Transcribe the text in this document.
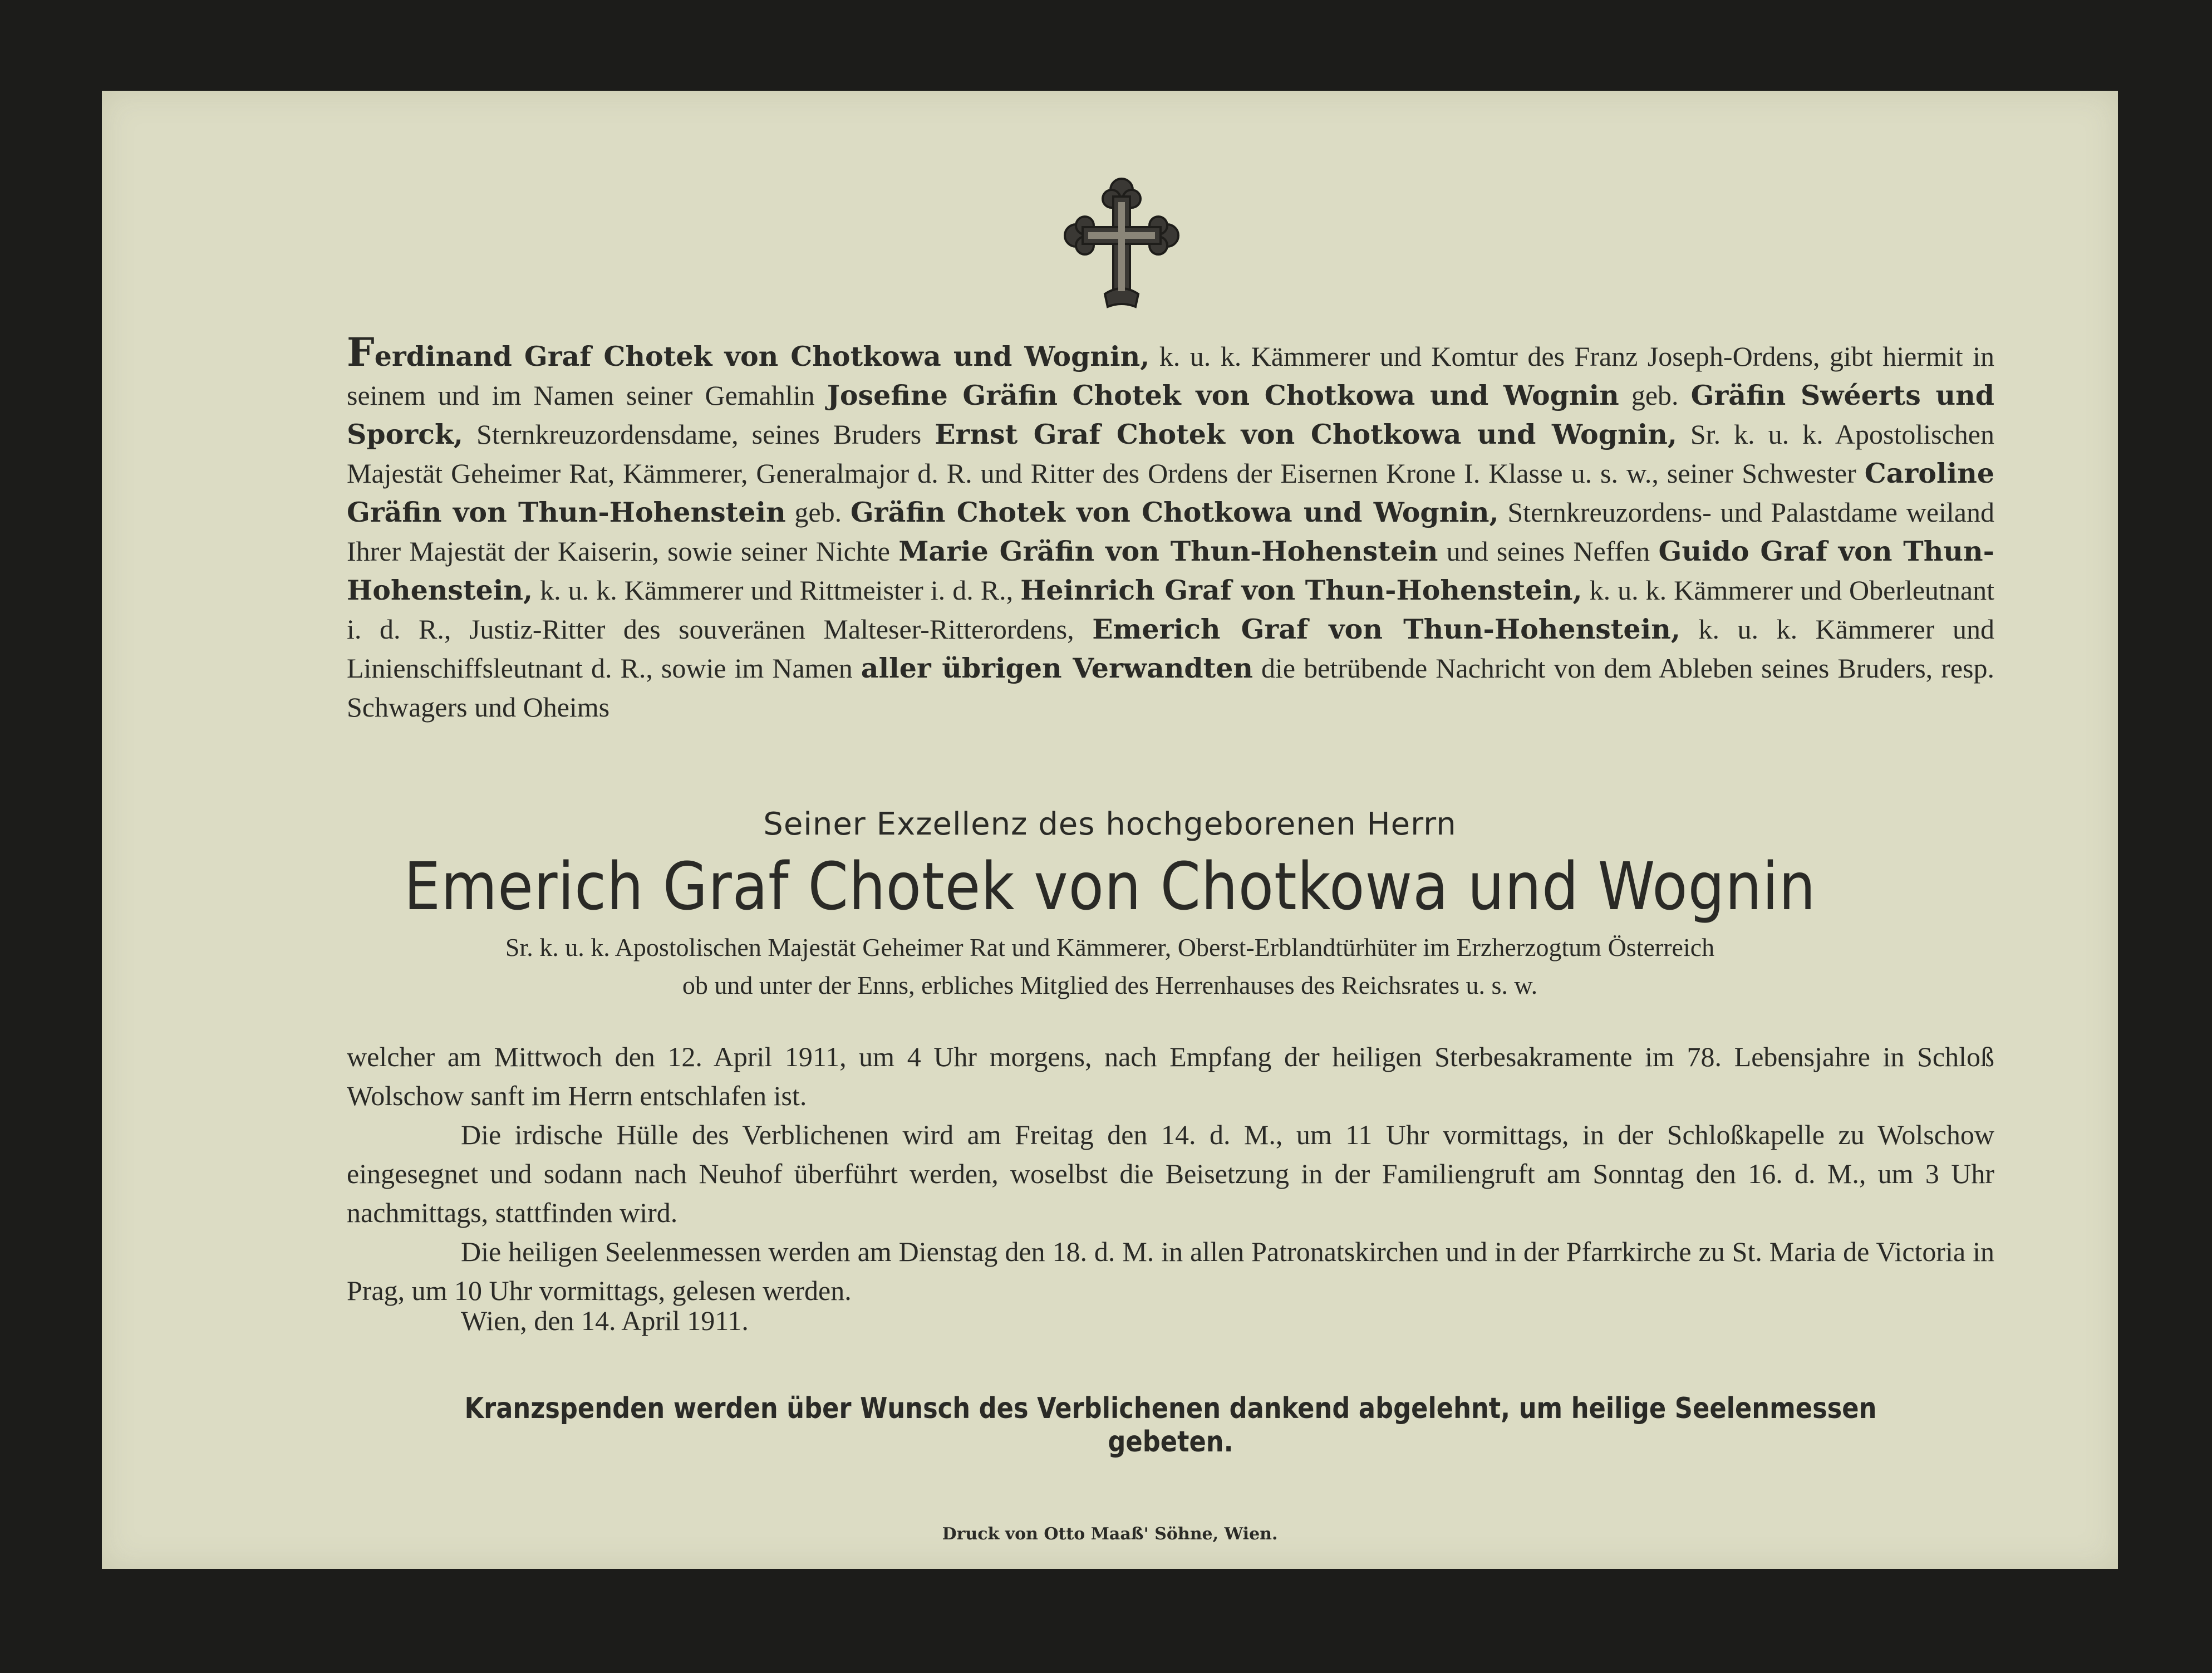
Ferdinand Graf Chotek von Chotkowa und Wognin, k. u. k. Kämmerer und Komtur des Franz Joseph-Ordens, gibt hiermit in seinem und im Namen seiner Gemahlin Josefine Gräfin Chotek von Chotkowa und Wognin geb. Gräfin Swéerts und Sporck, Sternkreuzordensdame, seines Bruders Ernst Graf Chotek von Chotkowa und Wognin, Sr. k. u. k. Apostolischen Majestät Geheimer Rat, Kämmerer, Generalmajor d. R. und Ritter des Ordens der Eisernen Krone I. Klasse u. s. w., seiner Schwester Caroline Gräfin von Thun-Hohenstein geb. Gräfin Chotek von Chotkowa und Wognin, Sternkreuzordens- und Palastdame weiland Ihrer Majestät der Kaiserin, sowie seiner Nichte Marie Gräfin von Thun-Hohenstein und seines Neffen Guido Graf von Thun-Hohenstein, k. u. k. Kämmerer und Rittmeister i. d. R., Heinrich Graf von Thun-Hohenstein, k. u. k. Kämmerer und Oberleutnant i. d. R., Justiz-Ritter des souveränen Malteser-Ritterordens, Emerich Graf von Thun-Hohenstein, k. u. k. Kämmerer und Linienschiffsleutnant d. R., sowie im Namen aller übrigen Verwandten die betrübende Nachricht von dem Ableben seines Bruders, resp. Schwagers und Oheims
Seiner Exzellenz des hochgeborenen Herrn
Emerich Graf Chotek von Chotkowa und Wognin
Sr. k. u. k. Apostolischen Majestät Geheimer Rat und Kämmerer, Oberst-Erblandtürhüter im Erzherzogtum Österreich
ob und unter der Enns, erbliches Mitglied des Herrenhauses des Reichsrates u. s. w.

welcher am Mittwoch den 12. April 1911, um 4 Uhr morgens, nach Empfang der heiligen Sterbesakramente im 78. Lebensjahre in Schloß Wolschow sanft im Herrn entschlafen ist.

Die irdische Hülle des Verblichenen wird am Freitag den 14. d. M., um 11 Uhr vormittags, in der Schloßkapelle zu Wolschow eingesegnet und sodann nach Neuhof überführt werden, woselbst die Beisetzung in der Familiengruft am Sonntag den 16. d. M., um 3 Uhr nachmittags, stattfinden wird.

Die heiligen Seelenmessen werden am Dienstag den 18. d. M. in allen Patronatskirchen und in der Pfarrkirche zu St. Maria de Victoria in Prag, um 10 Uhr vormittags, gelesen werden.

Wien, den 14. April 1911.
Kranzspenden werden über Wunsch des Verblichenen dankend abgelehnt, um heilige Seelenmessen gebeten.
Druck von Otto Maaß' Söhne, Wien.
